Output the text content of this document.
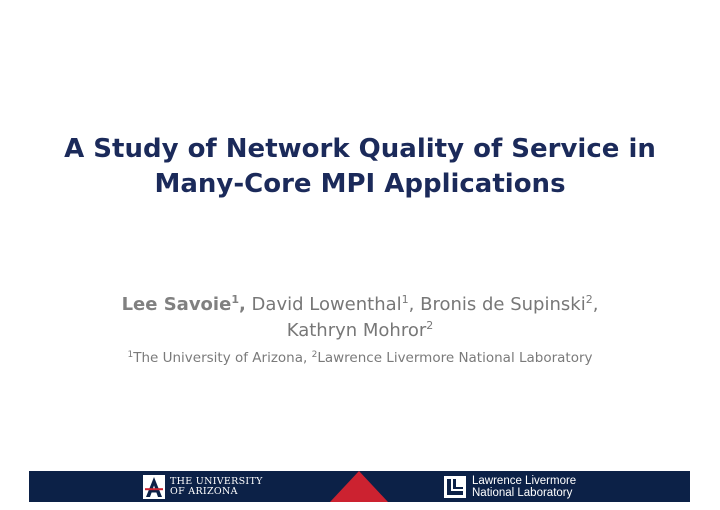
A Study of Network Quality of Service in Many-Core MPI Applications
Lee Savoie$^1$, David Lowenthal$^1$, Bronis de Supinski$^2$,
Kathryn Mohror$^2$
$^1$The University of Arizona, $^2$Lawrence Livermore National Laboratory
THE UNIVERSITY
OF ARIZONA
Lawrence Livermore
National Laboratory
